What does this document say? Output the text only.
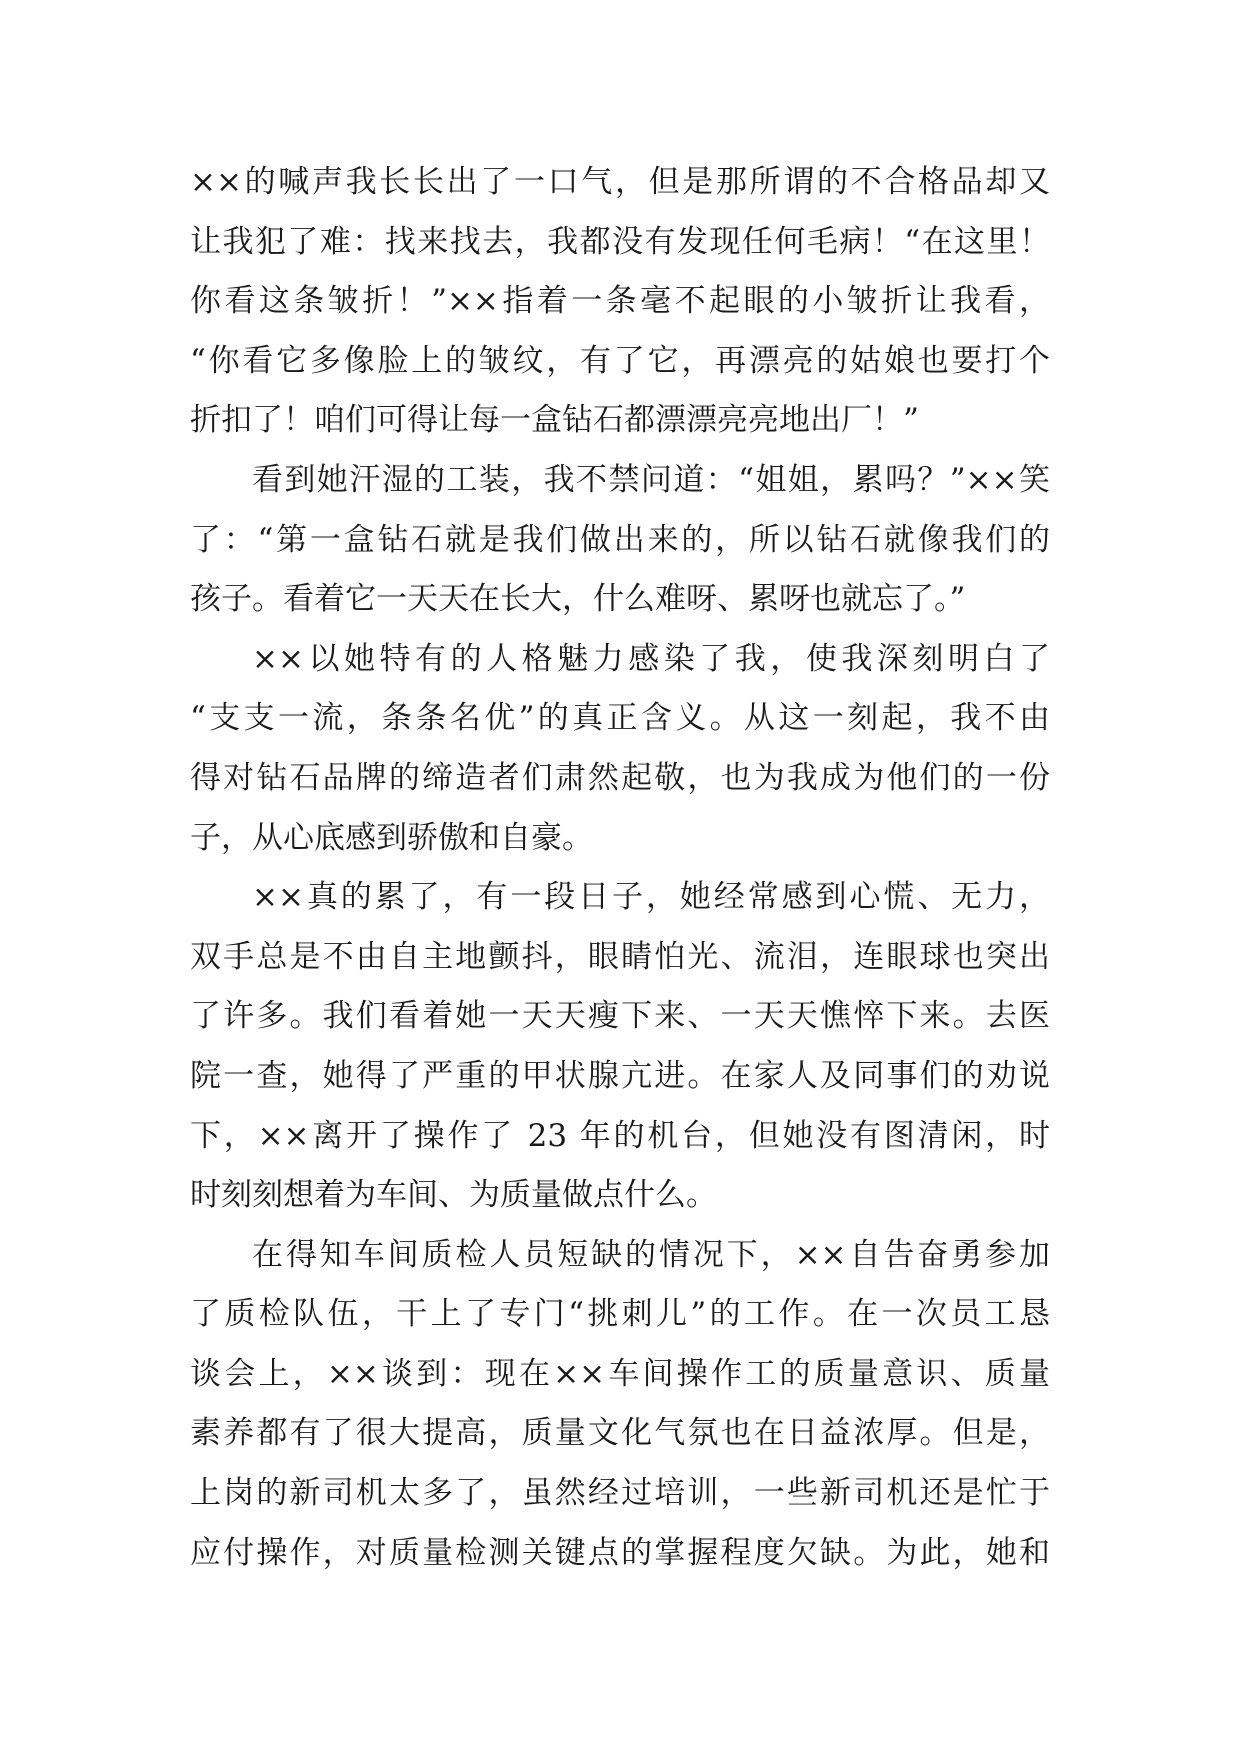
××的喊声我长长出了一口气，但是那所谓的不合格品却又
让我犯了难：找来找去，我都没有发现任何毛病！“在这里！
你看这条皱折！”××指着一条毫不起眼的小皱折让我看，
“你看它多像脸上的皱纹，有了它，再漂亮的姑娘也要打个
折扣了！咱们可得让每一盒钻石都漂漂亮亮地出厂！”
看到她汗湿的工装，我不禁问道：“姐姐，累吗？”××笑
了：“第一盒钻石就是我们做出来的，所以钻石就像我们的
孩子。看着它一天天在长大，什么难呀、累呀也就忘了。”
××以她特有的人格魅力感染了我，使我深刻明白了
“支支一流，条条名优”的真正含义。从这一刻起，我不由
得对钻石品牌的缔造者们肃然起敬，也为我成为他们的一份
子，从心底感到骄傲和自豪。
××真的累了，有一段日子，她经常感到心慌、无力，
双手总是不由自主地颤抖，眼睛怕光、流泪，连眼球也突出
了许多。我们看着她一天天瘦下来、一天天憔悴下来。去医
院一查，她得了严重的甲状腺亢进。在家人及同事们的劝说
下，××离开了操作了 23 年的机台，但她没有图清闲，时
时刻刻想着为车间、为质量做点什么。
在得知车间质检人员短缺的情况下，××自告奋勇参加
了质检队伍，干上了专门“挑刺儿”的工作。在一次员工恳
谈会上，××谈到：现在××车间操作工的质量意识、质量
素养都有了很大提高，质量文化气氛也在日益浓厚。但是，
上岗的新司机太多了，虽然经过培训，一些新司机还是忙于
应付操作，对质量检测关键点的掌握程度欠缺。为此，她和
